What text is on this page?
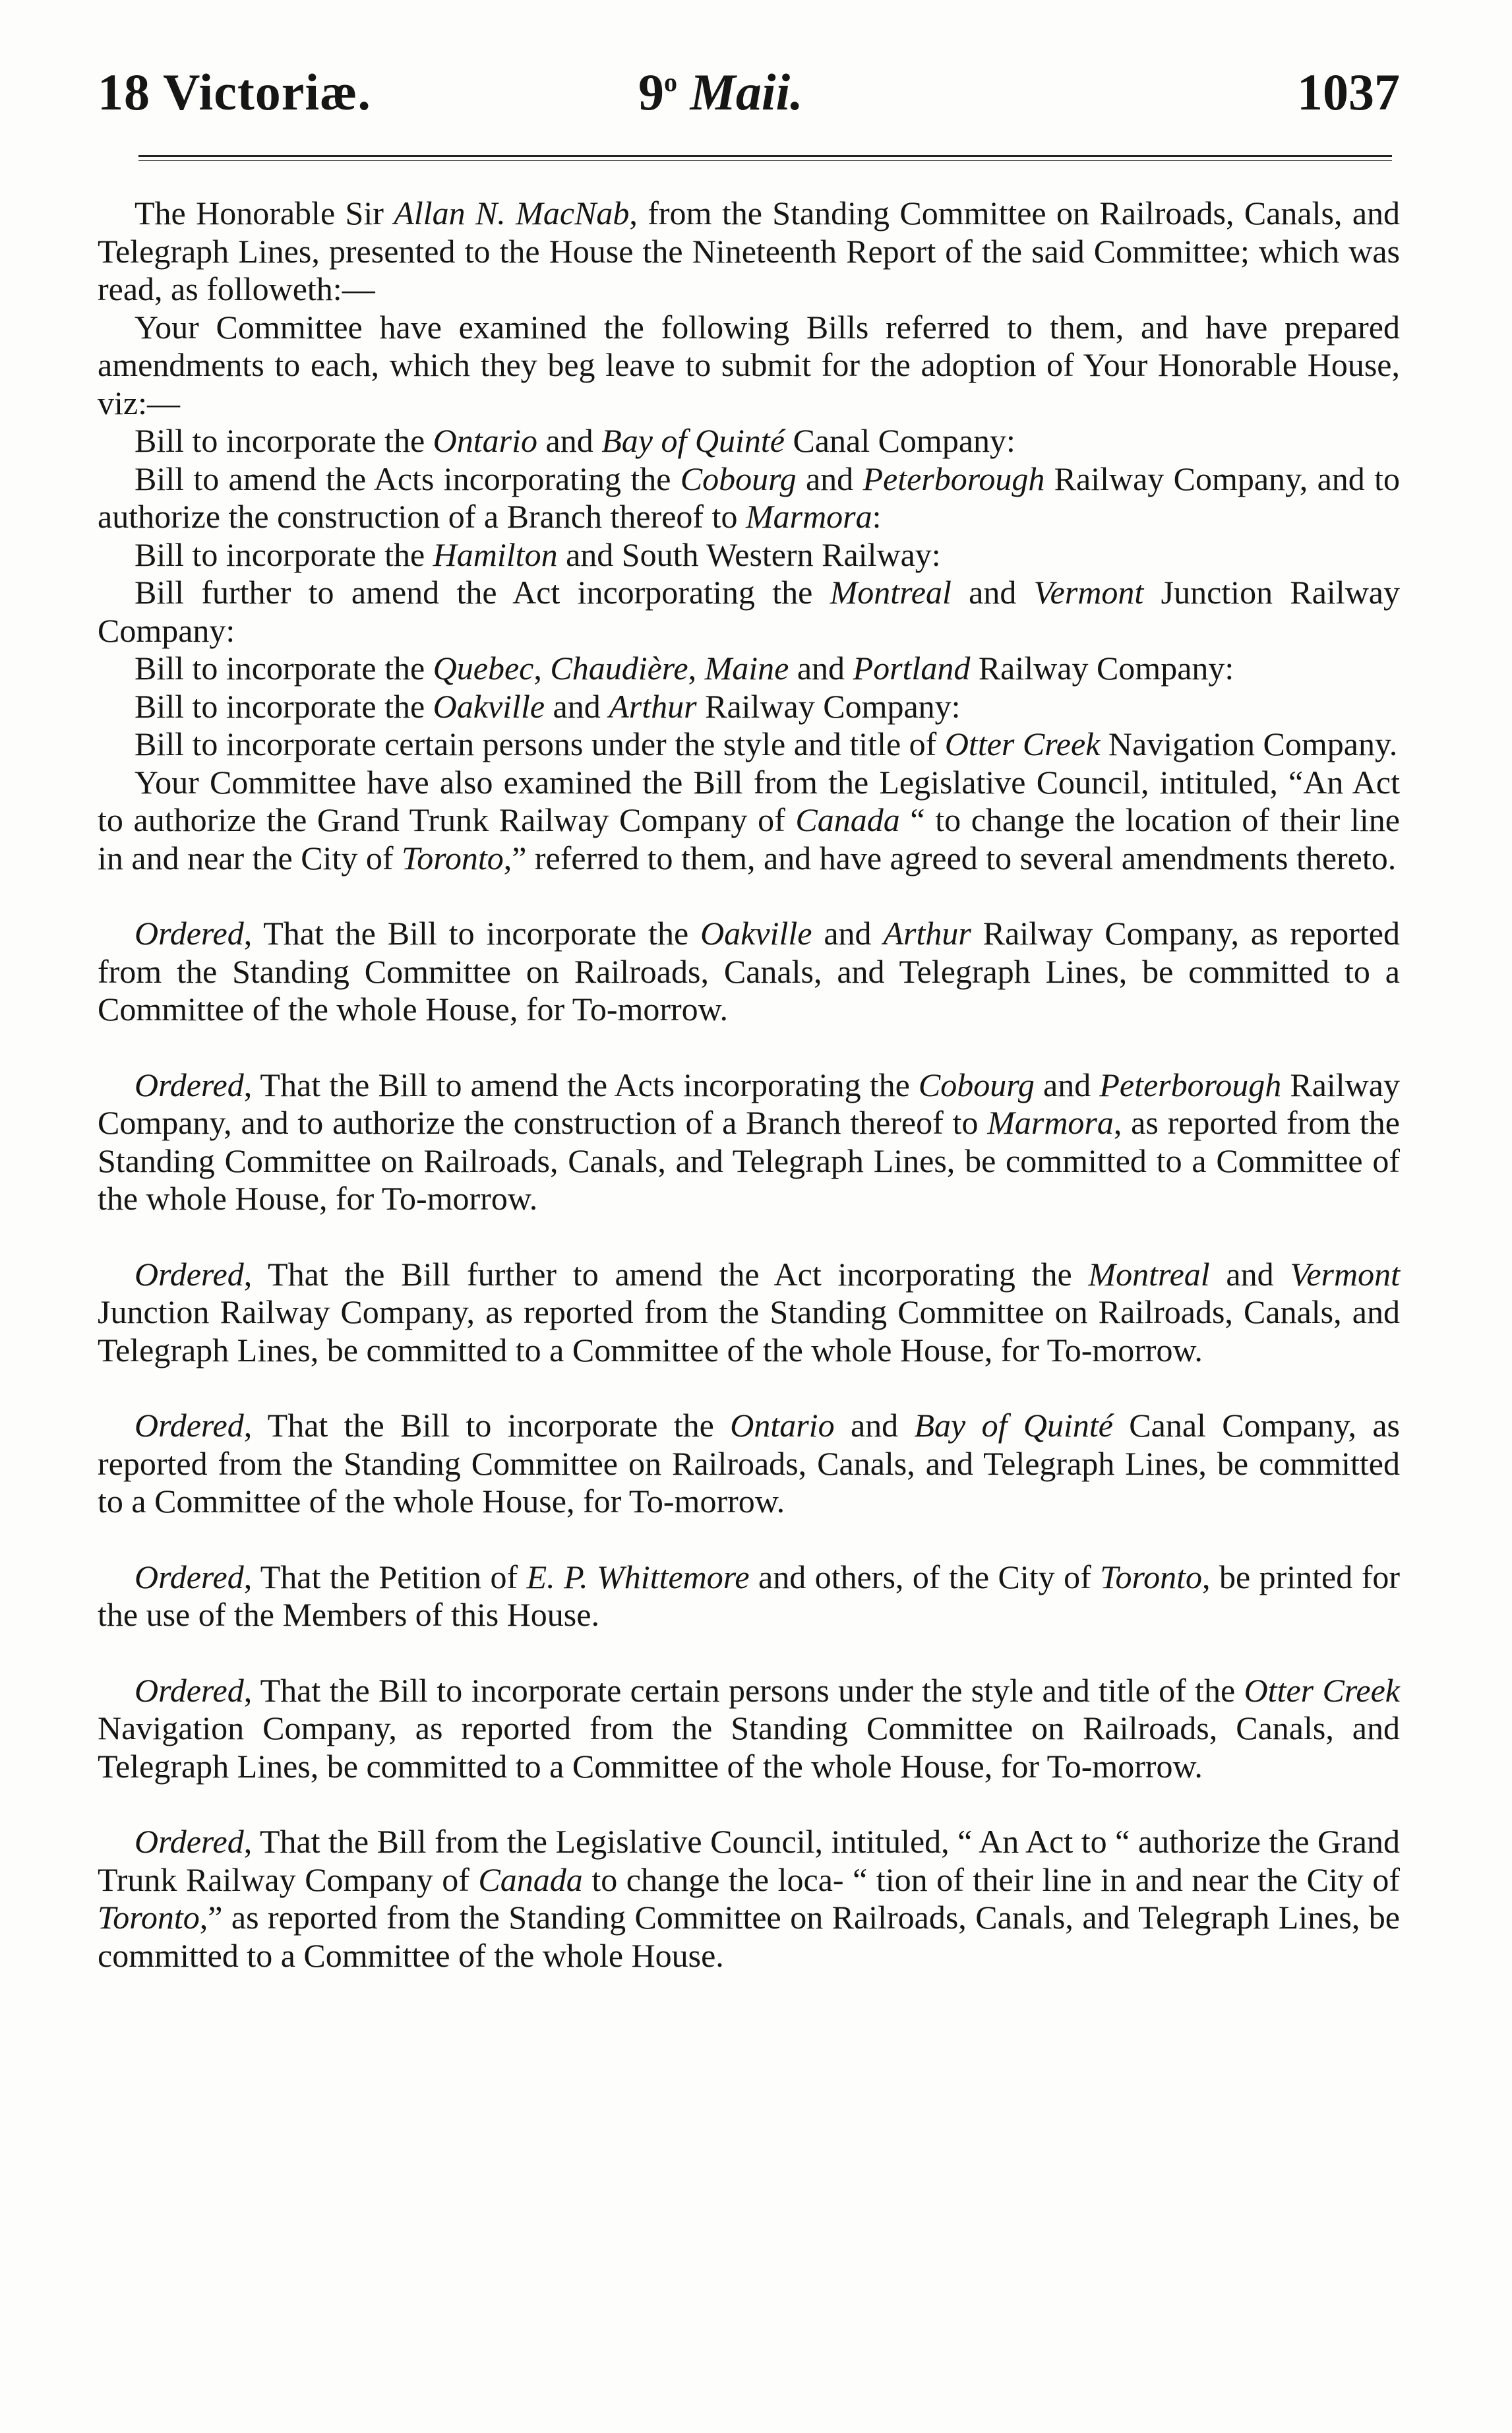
18 Victoriæ.	9$^o$ Maii.	1037

The Honorable Sir Allan N. MacNab, from the Standing Committee on Railroads, Canals, and Telegraph Lines, presented to the House the Nineteenth Report of the said Committee; which was read, as followeth:—

Your Committee have examined the following Bills referred to them, and have prepared amendments to each, which they beg leave to submit for the adoption of Your Honorable House, viz:—

Bill to incorporate the Ontario and Bay of Quinté Canal Company:

Bill to amend the Acts incorporating the Cobourg and Peterborough Railway Company, and to authorize the construction of a Branch thereof to Marmora:

Bill to incorporate the Hamilton and South Western Railway:

Bill further to amend the Act incorporating the Montreal and Vermont Junction Railway Company:

Bill to incorporate the Quebec, Chaudière, Maine and Portland Railway Company:

Bill to incorporate the Oakville and Arthur Railway Company:

Bill to incorporate certain persons under the style and title of Otter Creek Navigation Company.

Your Committee have also examined the Bill from the Legislative Council, intituled, “An Act to authorize the Grand Trunk Railway Company of Canada “ to change the location of their line in and near the City of Toronto,” referred to them, and have agreed to several amendments thereto.

Ordered, That the Bill to incorporate the Oakville and Arthur Railway Company, as reported from the Standing Committee on Railroads, Canals, and Telegraph Lines, be committed to a Committee of the whole House, for To-morrow.

Ordered, That the Bill to amend the Acts incorporating the Cobourg and Peterborough Railway Company, and to authorize the construction of a Branch thereof to Marmora, as reported from the Standing Committee on Railroads, Canals, and Telegraph Lines, be committed to a Committee of the whole House, for To-morrow.

Ordered, That the Bill further to amend the Act incorporating the Montreal and Vermont Junction Railway Company, as reported from the Standing Committee on Railroads, Canals, and Telegraph Lines, be committed to a Committee of the whole House, for To-morrow.

Ordered, That the Bill to incorporate the Ontario and Bay of Quinté Canal Company, as reported from the Standing Committee on Railroads, Canals, and Telegraph Lines, be committed to a Committee of the whole House, for To-morrow.

Ordered, That the Petition of E. P. Whittemore and others, of the City of Toronto, be printed for the use of the Members of this House.

Ordered, That the Bill to incorporate certain persons under the style and title of the Otter Creek Navigation Company, as reported from the Standing Committee on Railroads, Canals, and Telegraph Lines, be committed to a Committee of the whole House, for To-morrow.

Ordered, That the Bill from the Legislative Council, intituled, “ An Act to “ authorize the Grand Trunk Railway Company of Canada to change the loca- “ tion of their line in and near the City of Toronto,” as reported from the Standing Committee on Railroads, Canals, and Telegraph Lines, be committed to a Committee of the whole House.
